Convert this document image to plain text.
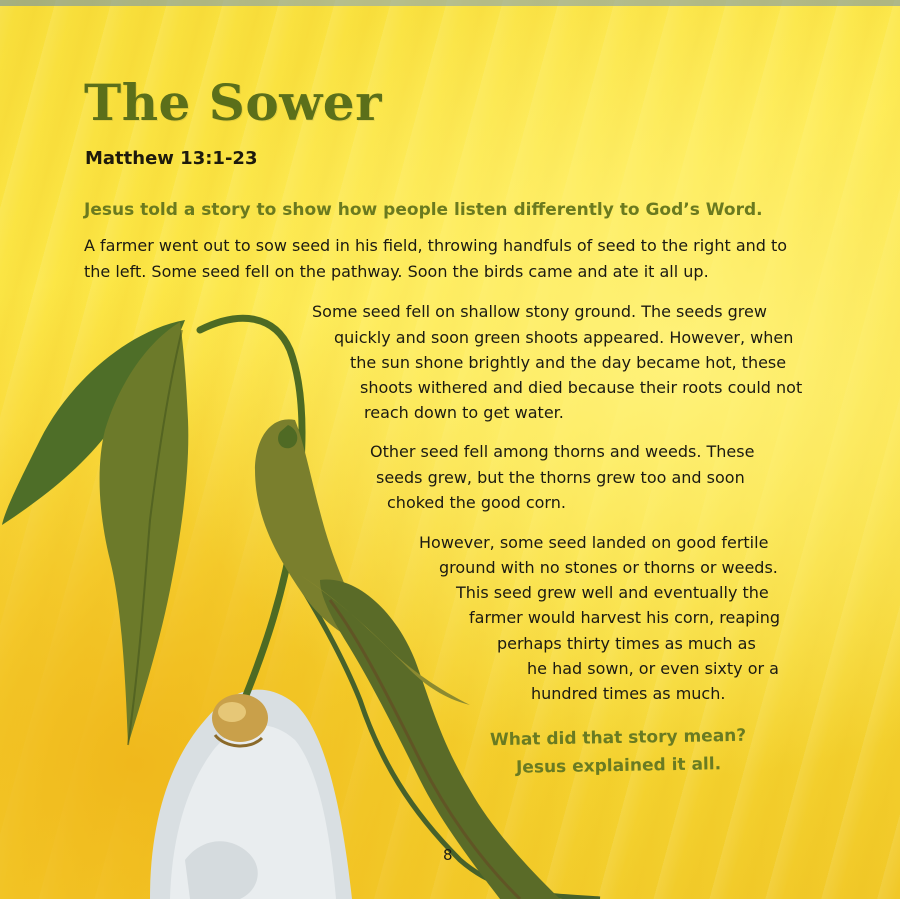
The Sower

Matthew 13:1-23

Jesus told a story to show how people listen differently to God’s Word.

A farmer went out to sow seed in his field, throwing handfuls of seed to the right and to

the left. Some seed fell on the pathway. Soon the birds came and ate it all up.

Some seed fell on shallow stony ground. The seeds grew

quickly and soon green shoots appeared. However, when

the sun shone brightly and the day became hot, these

shoots withered and died because their roots could not

reach down to get water.

Other seed fell among thorns and weeds. These

seeds grew, but the thorns grew too and soon

choked the good corn.

However, some seed landed on good fertile

ground with no stones or thorns or weeds.

This seed grew well and eventually the

farmer would harvest his corn, reaping

perhaps thirty times as much as

he had sown, or even sixty or a

hundred times as much.

What did that story mean?

Jesus explained it all.

8
